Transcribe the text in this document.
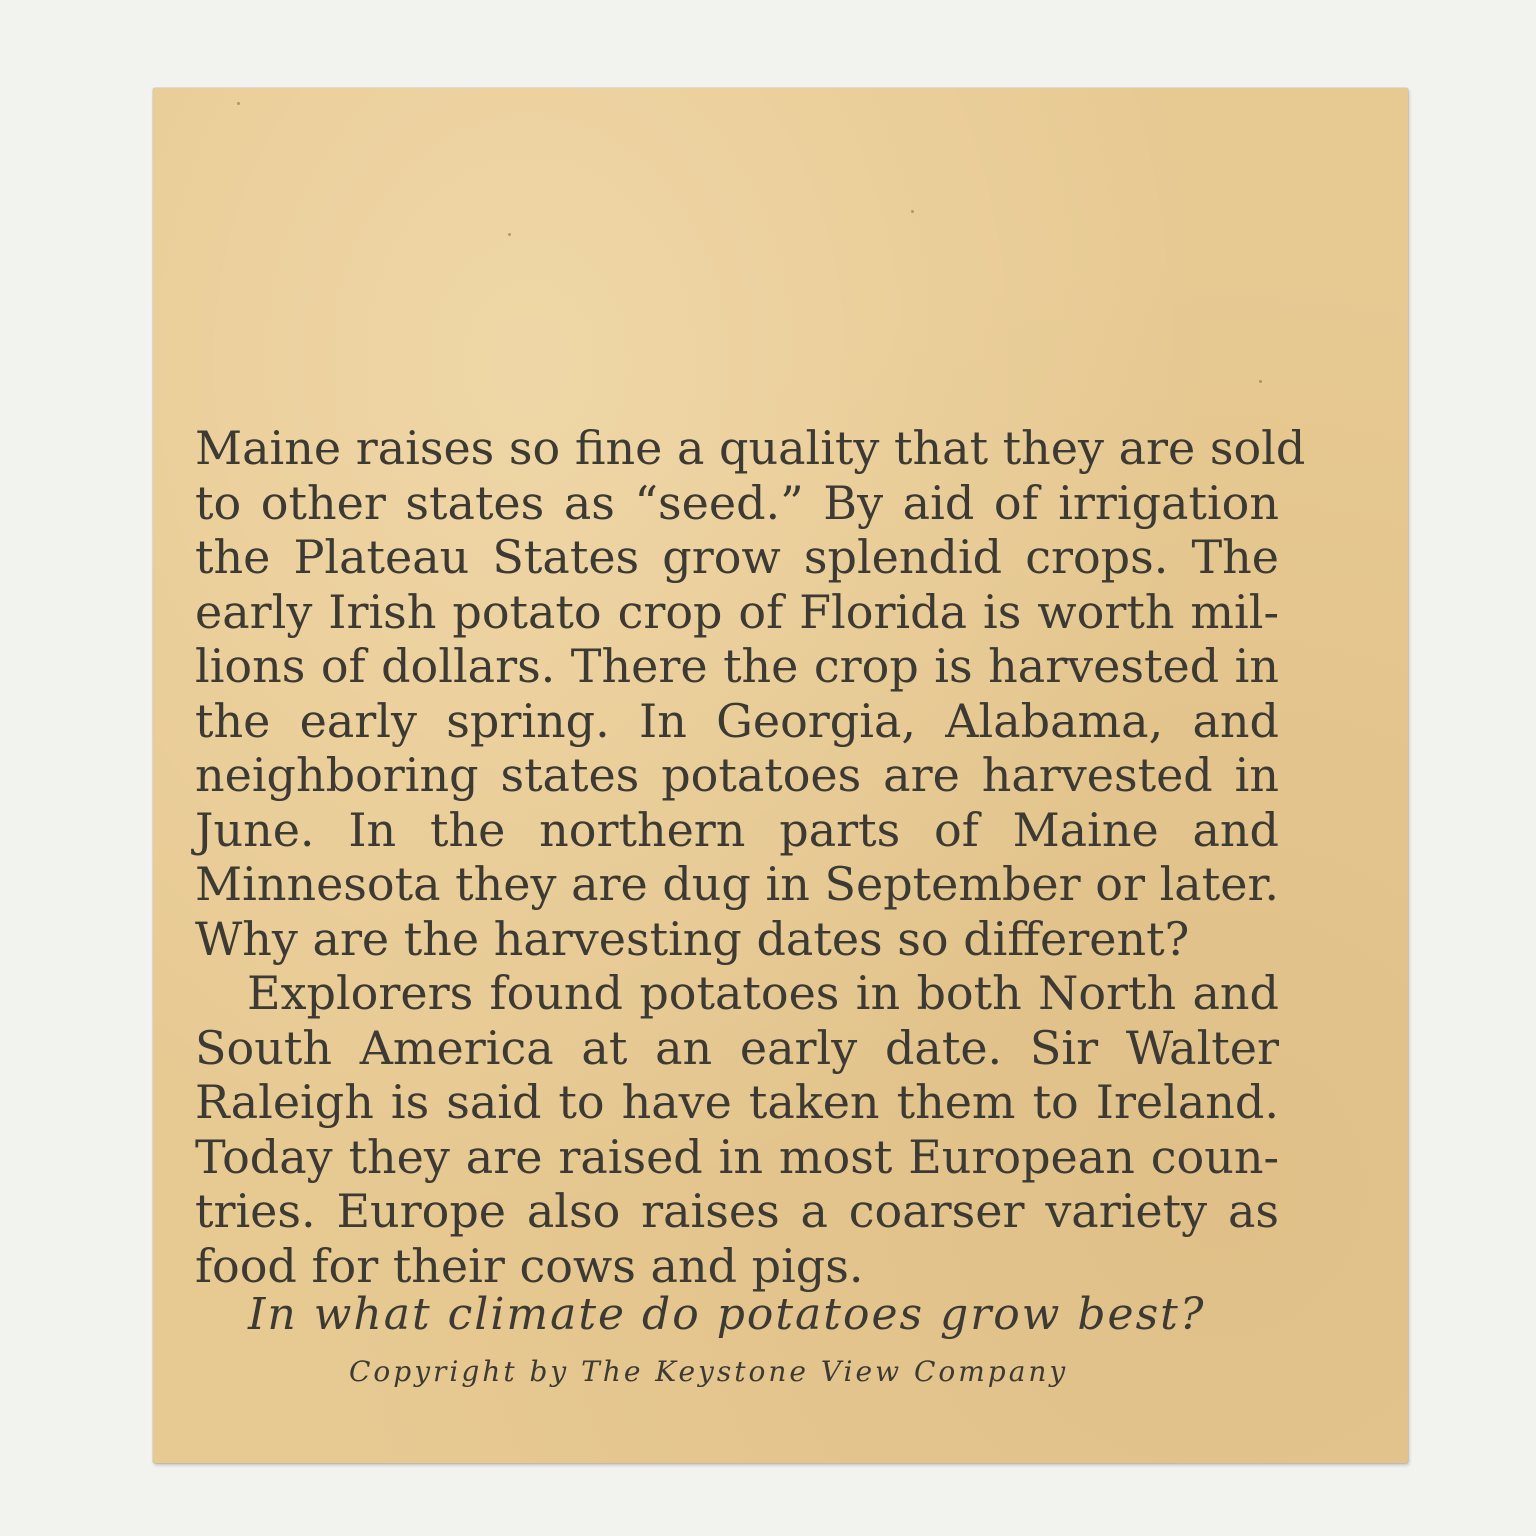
Maine raises so fine a quality that they are sold
to other states as “seed.” By aid of irrigation
the Plateau States grow splendid crops. The
early Irish potato crop of Florida is worth mil-
lions of dollars. There the crop is harvested in
the early spring. In Georgia, Alabama, and
neighboring states potatoes are harvested in
June. In the northern parts of Maine and
Minnesota they are dug in September or later.
Why are the harvesting dates so different?
Explorers found potatoes in both North and
South America at an early date. Sir Walter
Raleigh is said to have taken them to Ireland.
Today they are raised in most European coun-
tries. Europe also raises a coarser variety as
food for their cows and pigs.
In what climate do potatoes grow best?
Copyright by The Keystone View Company
